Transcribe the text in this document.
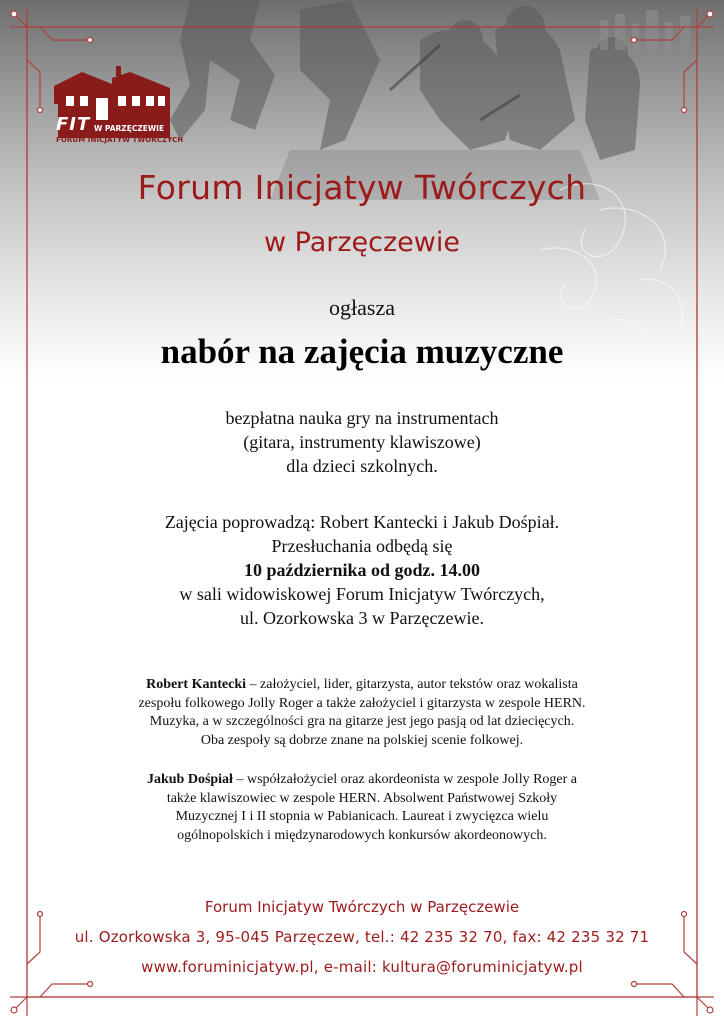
FIT W PARZĘCZEWIE
FORUM INICJATYW TWÓRCZYCH
Forum Inicjatyw Twórczych
w Parzęczewie
ogłasza
nabór na zajęcia muzyczne
bezpłatna nauka gry na instrumentach
(gitara, instrumenty klawiszowe)
dla dzieci szkolnych.
Zajęcia poprowadzą: Robert Kantecki i Jakub Dośpiał.
Przesłuchania odbędą się
10 października od godz. 14.00
w sali widowiskowej Forum Inicjatyw Twórczych,
ul. Ozorkowska 3 w Parzęczewie.
Robert Kantecki – założyciel, lider, gitarzysta, autor tekstów oraz wokalista
zespołu folkowego Jolly Roger a także założyciel i gitarzysta w zespole HERN.
Muzyka, a w szczególności gra na gitarze jest jego pasją od lat dziecięcych.
Oba zespoły są dobrze znane na polskiej scenie folkowej.
Jakub Dośpiał – współzałożyciel oraz akordeonista w zespole Jolly Roger a
także klawiszowiec w zespole HERN. Absolwent Państwowej Szkoły
Muzycznej I i II stopnia w Pabianicach. Laureat i zwycięzca wielu
ogólnopolskich i międzynarodowych konkursów akordeonowych.
Forum Inicjatyw Twórczych w Parzęczewie
ul. Ozorkowska 3, 95-045 Parzęczew, tel.: 42 235 32 70, fax: 42 235 32 71
www.foruminicjatyw.pl, e-mail: kultura@foruminicjatyw.pl
